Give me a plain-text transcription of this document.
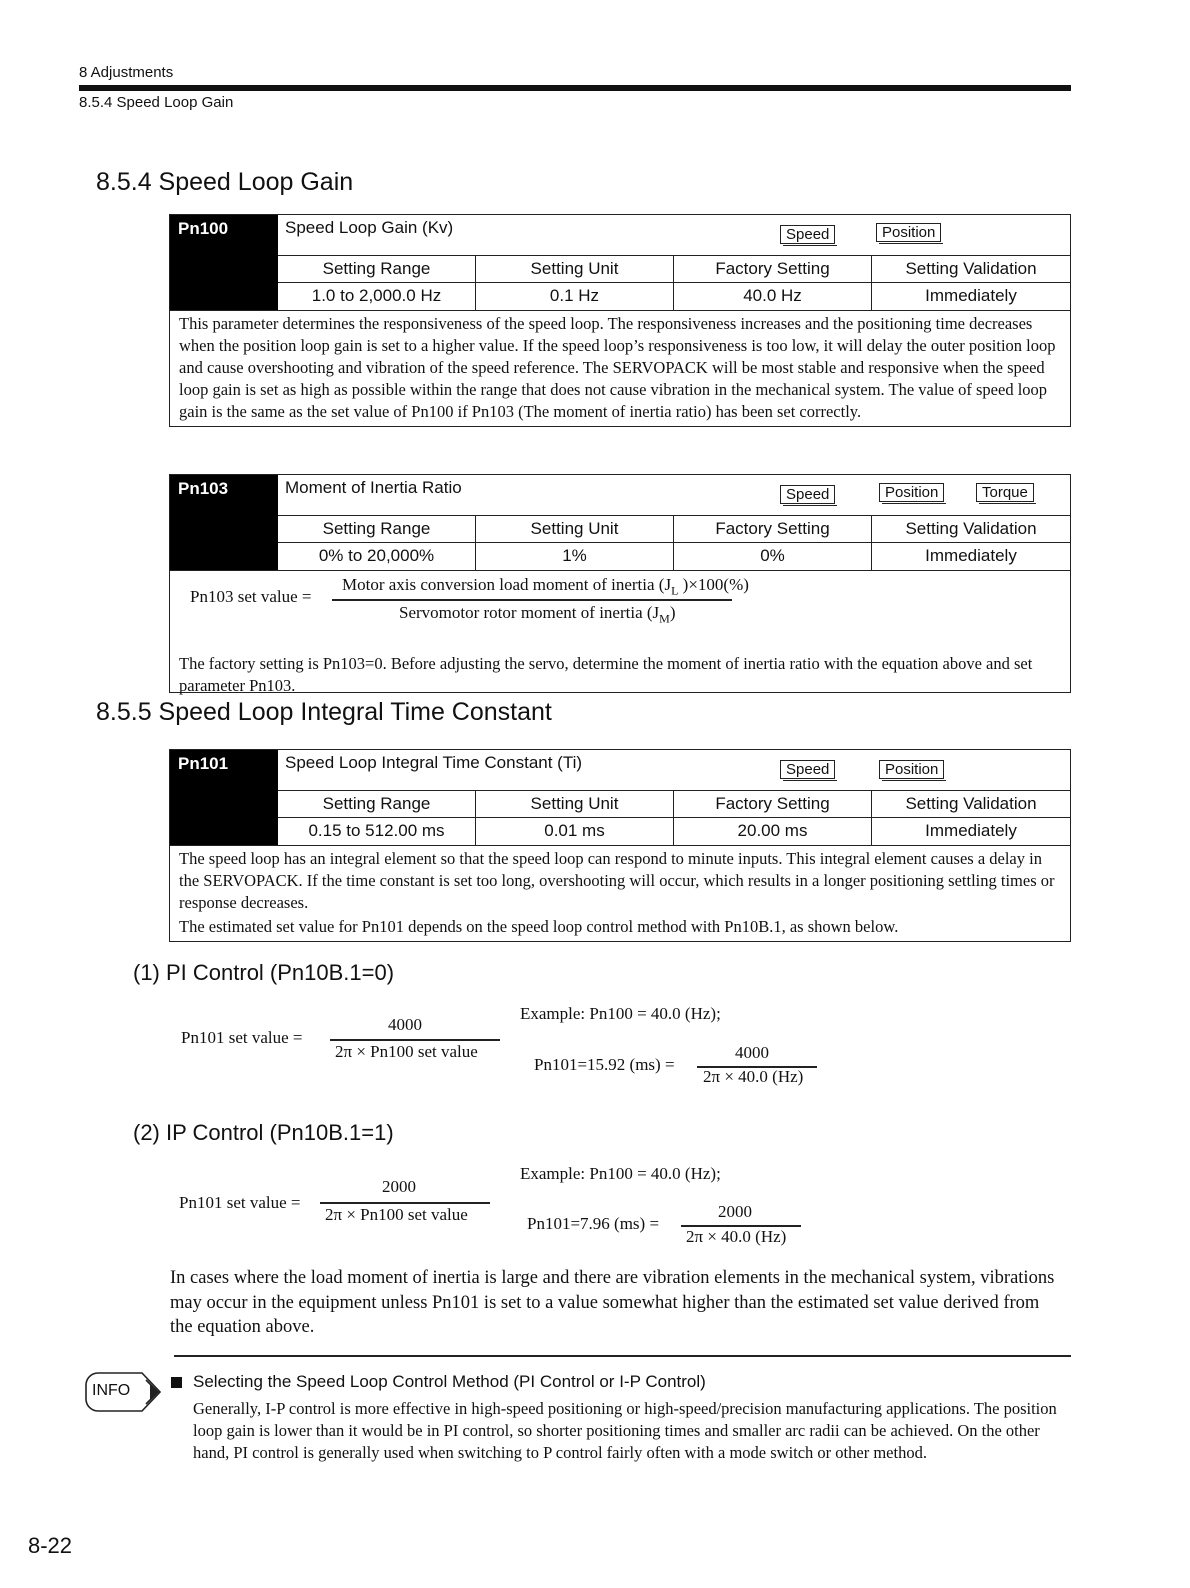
8 Adjustments
8.5.4 Speed Loop Gain
8.5.4 Speed Loop Gain
Pn100	Speed Loop Gain (Kv)	Speed	Position
Setting Range	Setting Unit	Factory Setting	Setting Validation
1.0 to 2,000.0 Hz	0.1 Hz	40.0 Hz	Immediately
This parameter determines the responsiveness of the speed loop. The responsiveness increases and the positioning time decreases when the position loop gain is set to a higher value. If the speed loop’s responsiveness is too low, it will delay the outer position loop and cause overshooting and vibration of the speed reference. The SERVOPACK will be most stable and responsive when the speed loop gain is set as high as possible within the range that does not cause vibration in the mechanical system. The value of speed loop gain is the same as the set value of Pn100 if Pn103 (The moment of inertia ratio) has been set correctly.
Pn103	Moment of Inertia Ratio	Speed	Position	Torque
Setting Range	Setting Unit	Factory Setting	Setting Validation
0% to 20,000%	1%	0%	Immediately
Pn103 set value =
Motor axis conversion load moment of inertia ($J_L$ )×100(%)
Servomotor rotor moment of inertia $(J_M)$
The factory setting is Pn103=0. Before adjusting the servo, determine the moment of inertia ratio with the equation above and set parameter Pn103.
8.5.5 Speed Loop Integral Time Constant
Pn101	Speed Loop Integral Time Constant (Ti)	Speed	Position
Setting Range	Setting Unit	Factory Setting	Setting Validation
0.15 to 512.00 ms	0.01 ms	20.00 ms	Immediately
The speed loop has an integral element so that the speed loop can respond to minute inputs. This integral element causes a delay in the SERVOPACK. If the time constant is set too long, overshooting will occur, which results in a longer positioning settling times or response decreases.
The estimated set value for Pn101 depends on the speed loop control method with Pn10B.1, as shown below.
(1) PI Control (Pn10B.1=0)
Pn101 set value =
4000
2π × Pn100 set value
Example: Pn100 = 40.0 (Hz);
Pn101=15.92 (ms) =
4000
2π × 40.0 (Hz)
(2) IP Control (Pn10B.1=1)
Pn101 set value =
2000
2π × Pn100 set value
Example: Pn100 = 40.0 (Hz);
Pn101=7.96 (ms) =
2000
2π × 40.0 (Hz)
In cases where the load moment of inertia is large and there are vibration elements in the mechanical system, vibrations may occur in the equipment unless Pn101 is set to a value somewhat higher than the estimated set value derived from the equation above.
INFO	Selecting the Speed Loop Control Method (PI Control or I-P Control)
Generally, I-P control is more effective in high-speed positioning or high-speed/precision manufacturing applications. The position loop gain is lower than it would be in PI control, so shorter positioning times and smaller arc radii can be achieved. On the other hand, PI control is generally used when switching to P control fairly often with a mode switch or other method.
8-22
